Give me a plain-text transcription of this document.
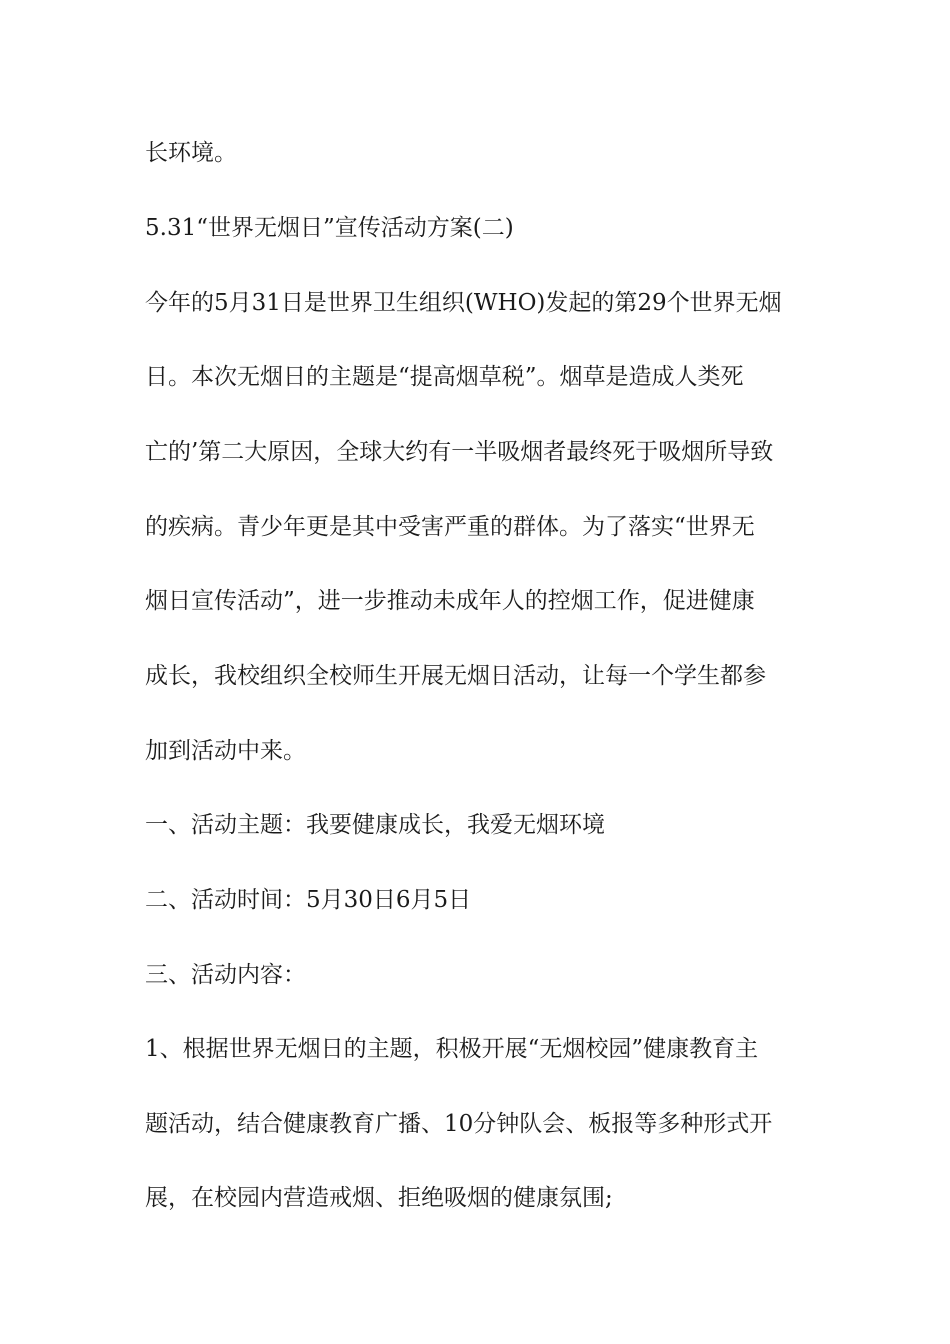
长环境。
5.31“世界无烟日”宣传活动方案(二)
今年的5月31日是世界卫生组织(WHO)发起的第29个世界无烟
日。本次无烟日的主题是“提高烟草税”。烟草是造成人类死
亡的’第二大原因，全球大约有一半吸烟者最终死于吸烟所导致
的疾病。青少年更是其中受害严重的群体。为了落实“世界无
烟日宣传活动”，进一步推动未成年人的控烟工作，促进健康
成长，我校组织全校师生开展无烟日活动，让每一个学生都参
加到活动中来。
一、活动主题：我要健康成长，我爱无烟环境
二、活动时间：5月30日6月5日
三、活动内容：
1、根据世界无烟日的主题，积极开展“无烟校园”健康教育主
题活动，结合健康教育广播、10分钟队会、板报等多种形式开
展，在校园内营造戒烟、拒绝吸烟的健康氛围;
